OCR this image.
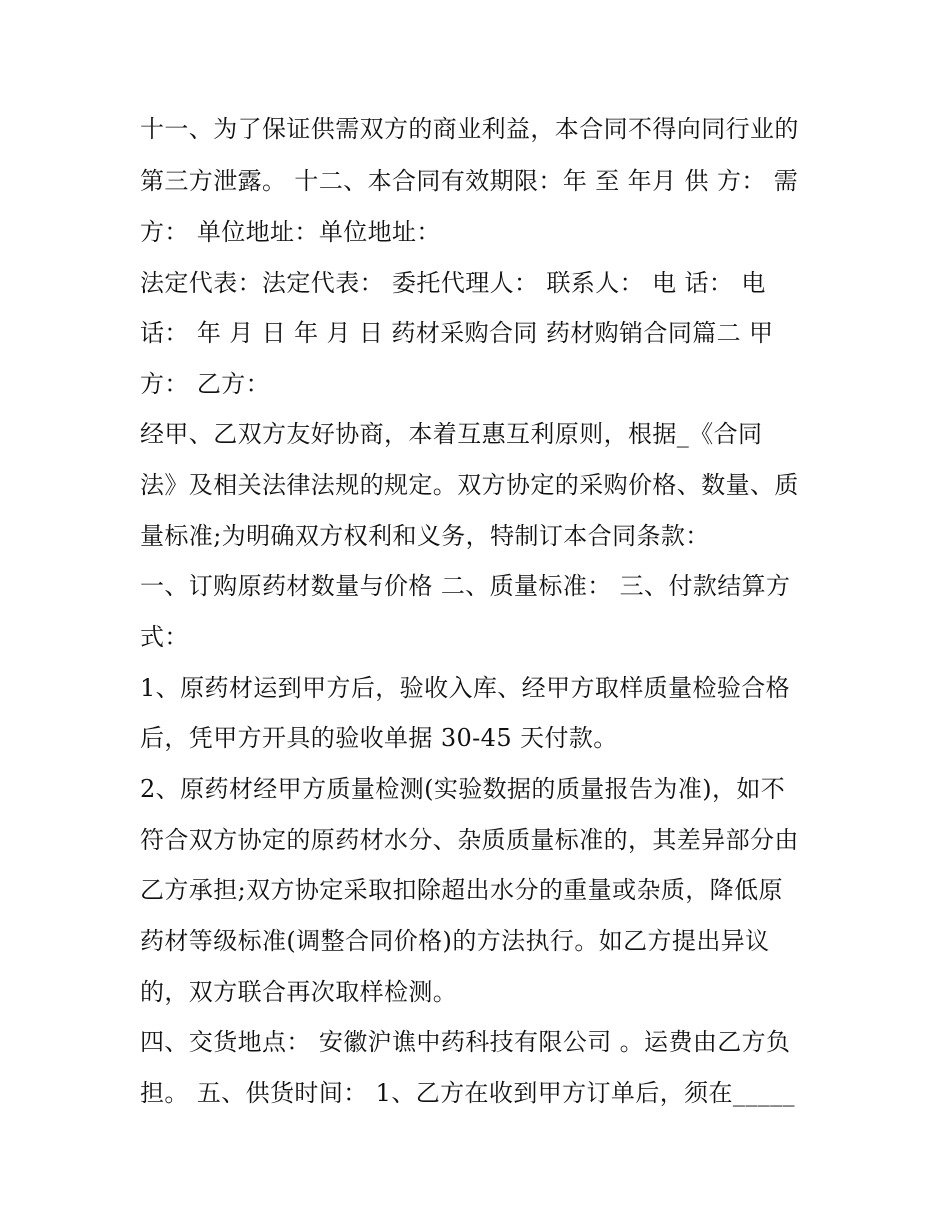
十一、为了保证供需双方的商业利益，本合同不得向同行业的
第三方泄露。 十二、本合同有效期限：年 至 年月 供 方： 需
方： 单位地址：单位地址：
法定代表：法定代表： 委托代理人： 联系人： 电 话： 电
话： 年 月 日 年 月 日 药材采购合同 药材购销合同篇二 甲
方： 乙方：
经甲、乙双方友好协商，本着互惠互利原则，根据_《合同
法》及相关法律法规的规定。双方协定的采购价格、数量、质
量标准;为明确双方权利和义务，特制订本合同条款：
一、订购原药材数量与价格 二、质量标准： 三、付款结算方
式：
1、原药材运到甲方后，验收入库、经甲方取样质量检验合格
后，凭甲方开具的验收单据 30-45 天付款。
2、原药材经甲方质量检测(实验数据的质量报告为准)，如不
符合双方协定的原药材水分、杂质质量标准的，其差异部分由
乙方承担;双方协定采取扣除超出水分的重量或杂质，降低原
药材等级标准(调整合同价格)的方法执行。如乙方提出异议
的，双方联合再次取样检测。
四、交货地点： 安徽沪谯中药科技有限公司 。运费由乙方负
担。 五、供货时间： 1、乙方在收到甲方订单后，须在_____
